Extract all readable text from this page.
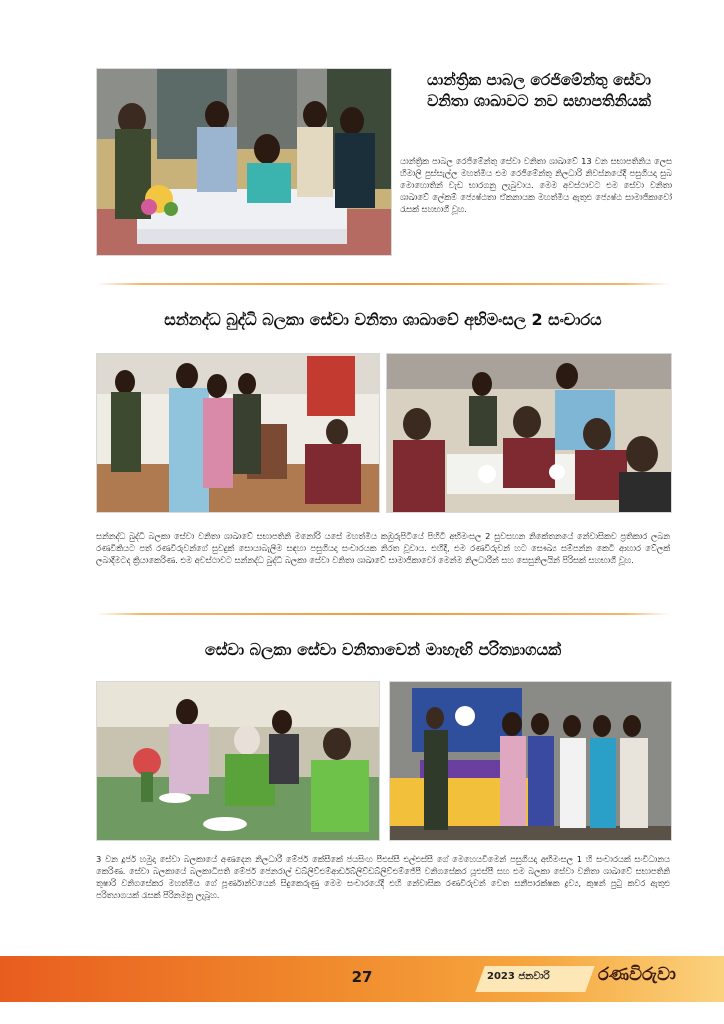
යාන්ත්‍රික පාබල රෙජිමේන්තු සේවා වනිතා ශාඛාවට නව සභාපතිනියක්
යාන්ත්‍රික පාබල රෙජිමේන්තු සේවා වනිතා ශාඛාවේ 13 වන සභාපතිනිය ලෙස හිමාලි පුස්සැල්ල මහත්මිය එම රෙජිමේන්තු නිලධාරි නිවස්නයේදී පසුගියදා සුබ මොහොතින් වැඩ භාරගනු ලැබුවාය. මෙම අවස්ථාවට එම සේවා වනිතා ශාඛාවේ ලේකම් ජ්‍යෙෂ්ඨතා ඒකනායක මහත්මිය ඇතුළු ජ්‍යෙෂ්ඨ සාමාජිකාවෝ රැසක් සහභාගී වූහ.
සන්නද්ධ බුද්ධි බලකා සේවා වනිතා ශාඛාවේ අභිමංසල 2 සංචාරය
සන්නද්ධ බුද්ධි බලකා සේවා වනිතා ශාඛාවේ සභාපතිනි මනෝරි යසේ මහත්මිය කඹුරුපිටියේ පිහිටි අභිමංසල 2 සුවසහන නිකේතනයේ නේවාසිකව ප්‍රතිකාර ලබන රණවිකියට පත් රණවිරුවන්ගේ සුවදුක් සොයාබැලීම සඳහා පසුගියදා සංචාරයක නිරත වූවාය. එහිදී, එම රණවිරුවන් හට සෞඛ්‍ය සම්පන්න කෙටි ආහාර වේලක් ලබාදීමටද ක්‍රියාකෙරිණ. එම අවස්ථාවට සන්නද්ධ බුද්ධි බලකා සේවා වනිතා ශාඛාවේ සාමාජිකාවෝ මෙන්ම නිලධාරීන් සහ සෙසුනිලයින් පිරිසක් සහභාගී වූහ.
සේවා බලකා සේවා වනිතාවෙන් මාහැඟි පරිත්‍යාගයක්
3 වන දූර්ජ හමුදා සේවා බලකායේ අණදෙන නිලධාරී මේජර් කේසීකේ ජයසිංහ පීඑස්සී එල්එස්සී ගේ මෙහෙයවීමෙන් පසුගියදා අභිමංසල 1 හි සංචාරයක් සංවිධානය කෙරිණ. සේවා බලකායේ බලකාධිපති මේජර් ජෙනරාල් ඩබ්ලිව්එම්ආර්ඩබ්ලිව්ඩබ්ලිව්එම්ජේපී වනිගසේකර යූඑස්පී සහ එම බලකා සේවා වනිතා ශාඛාවේ සභාපතිනි තුෂාරි වනිගසේකර මහත්මිය ගේ පූර්ණාන්වයෙන් සිදුකෙරුණු මෙම සංචාරයේදී එහි නේවාසික රණවිරුවන් වෙත සනීපාරක්ෂක ද්‍රව්‍ය, කුෂන් පුටු කවර ඇතුළු පරිත්‍යාගයක් රැසක් පිරිනමනු ලැබූහ.
27	2023 ජනවාරි	රණවිරුවා
